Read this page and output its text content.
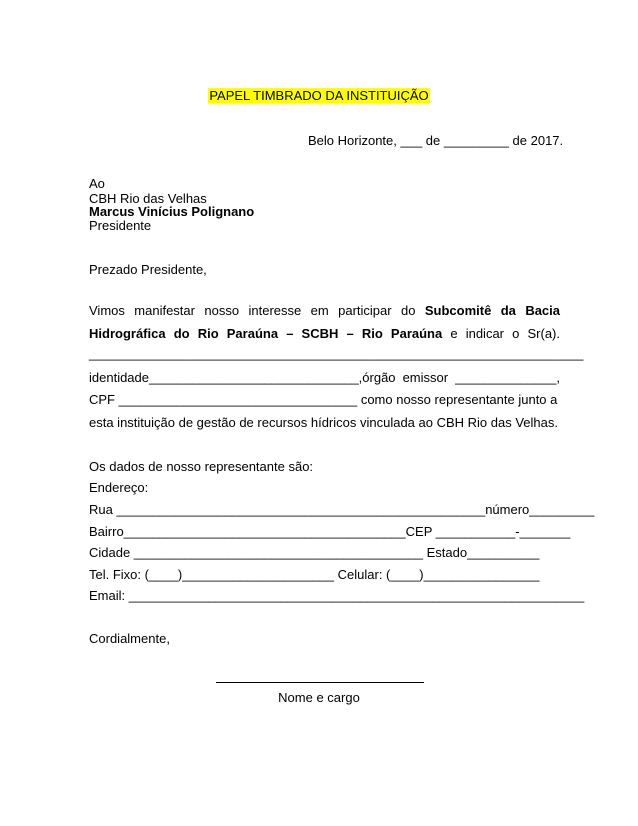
PAPEL TIMBRADO DA INSTITUIÇÃO
Belo Horizonte, ___ de _________ de 2017.
Ao
CBH Rio das Velhas
Marcus Vinícius Polignano
Presidente
Prezado Presidente,
Vimos manifestar nosso interesse em participar do Subcomitê da Bacia
Hidrográfica do Rio Paraúna – SCBH – Rio Paraúna e indicar o Sr(a).
___________________________________________________________________
identidade_____________________________,órgão emissor ______________,
CPF _________________________________ como nosso representante junto a
esta instituição de gestão de recursos hídricos vinculada ao CBH Rio das Velhas.
Os dados de nosso representante são:
Endereço:
Rua ___________________________________________________número_________
Bairro_______________________________________CEP ___________-_______
Cidade ________________________________________ Estado__________
Tel. Fixo: (____)_____________________ Celular: (____)________________
Email: _______________________________________________________________
Cordialmente,
Nome e cargo
